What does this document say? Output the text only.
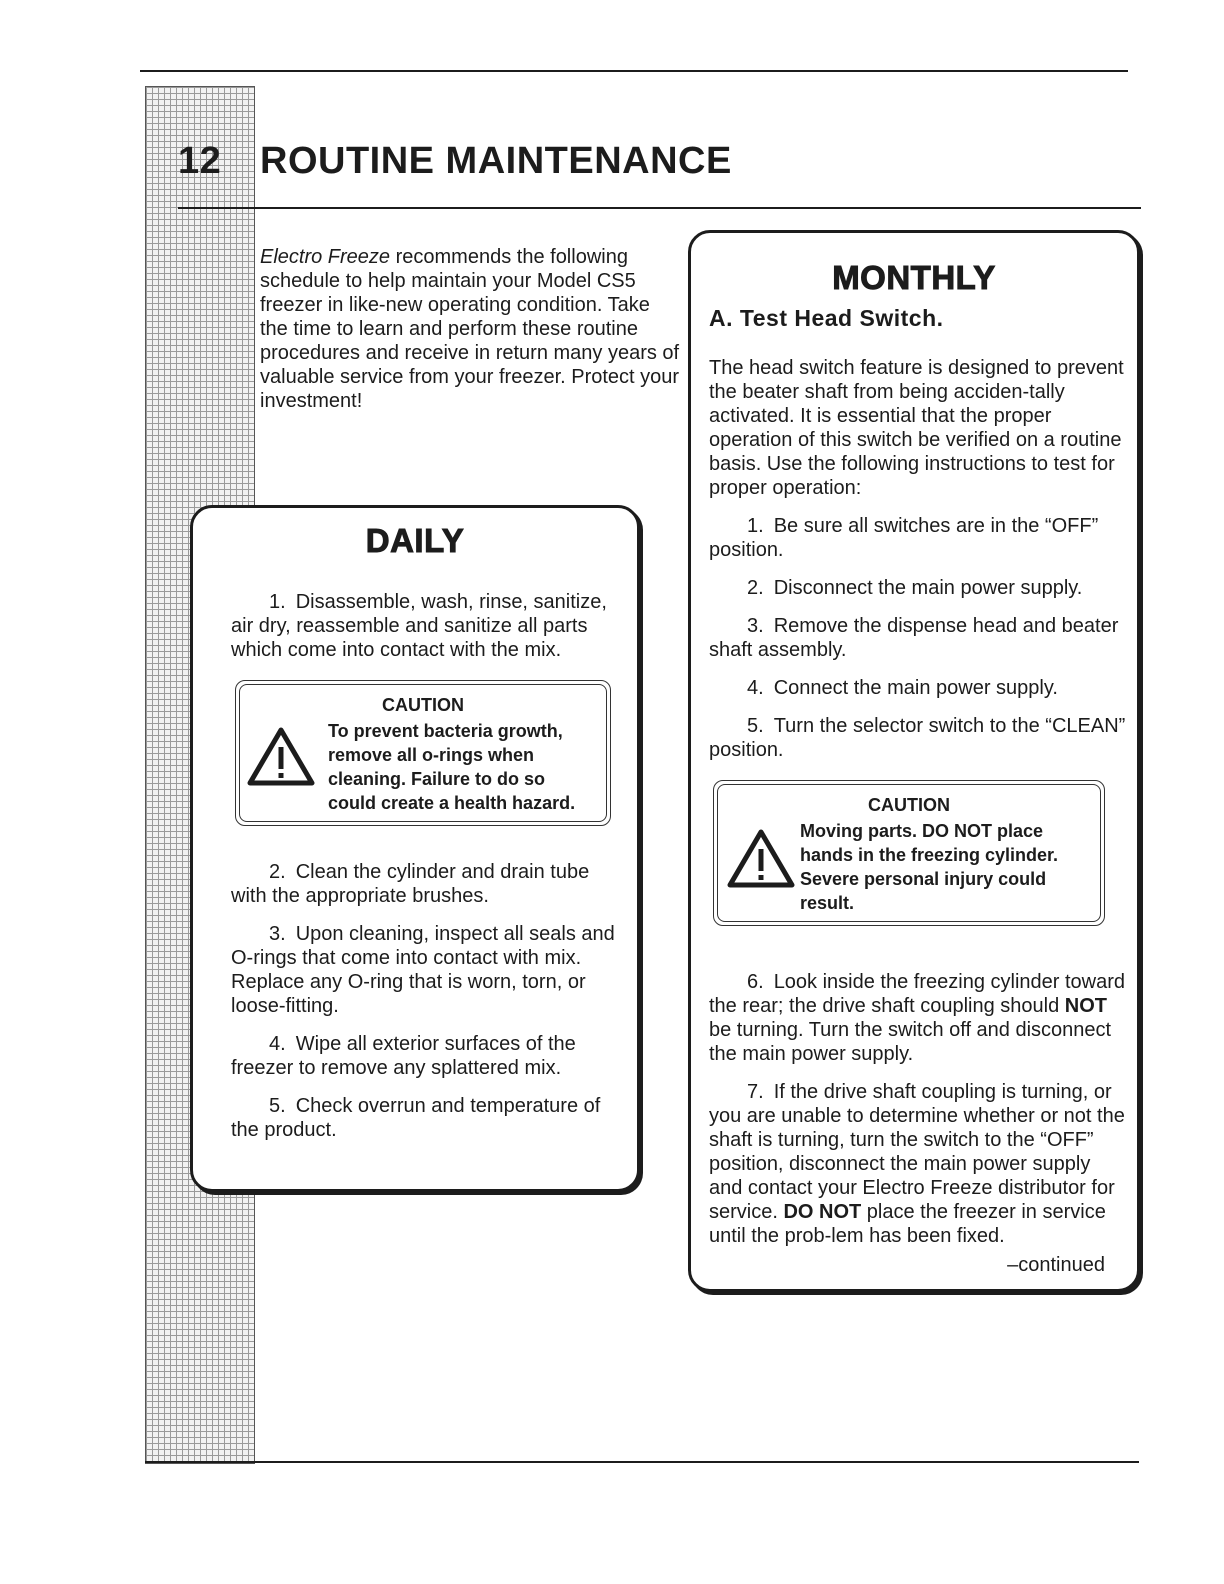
12 ROUTINE MAINTENANCE
Electro Freeze recommends the following schedule to help maintain your Model CS5 freezer in like-new operating condition. Take the time to learn and perform these routine procedures and receive in return many years of valuable service from your freezer. Protect your investment!
DAILY

1. Disassemble, wash, rinse, sanitize, air dry, reassemble and sanitize all parts which come into contact with the mix.

CAUTION
To prevent bacteria growth, remove all o-rings when cleaning. Failure to do so could create a health hazard.

2. Clean the cylinder and drain tube with the appropriate brushes.

3. Upon cleaning, inspect all seals and O-rings that come into contact with mix. Replace any O-ring that is worn, torn, or loose-fitting.

4. Wipe all exterior surfaces of the freezer to remove any splattered mix.

5. Check overrun and temperature of the product.

MONTHLY
A. Test Head Switch.

The head switch feature is designed to prevent the beater shaft from being acciden-tally activated. It is essential that the proper operation of this switch be verified on a routine basis. Use the following instructions to test for proper operation:

1. Be sure all switches are in the “OFF” position.

2. Disconnect the main power supply.

3. Remove the dispense head and beater shaft assembly.

4. Connect the main power supply.

5. Turn the selector switch to the “CLEAN” position.

CAUTION
Moving parts. DO NOT place hands in the freezing cylinder. Severe personal injury could result.

6. Look inside the freezing cylinder toward the rear; the drive shaft coupling should NOT be turning. Turn the switch off and disconnect the main power supply.

7. If the drive shaft coupling is turning, or you are unable to determine whether or not the shaft is turning, turn the switch to the “OFF” position, disconnect the main power supply and contact your Electro Freeze distributor for service. DO NOT place the freezer in service until the prob-lem has been fixed.

–continued
